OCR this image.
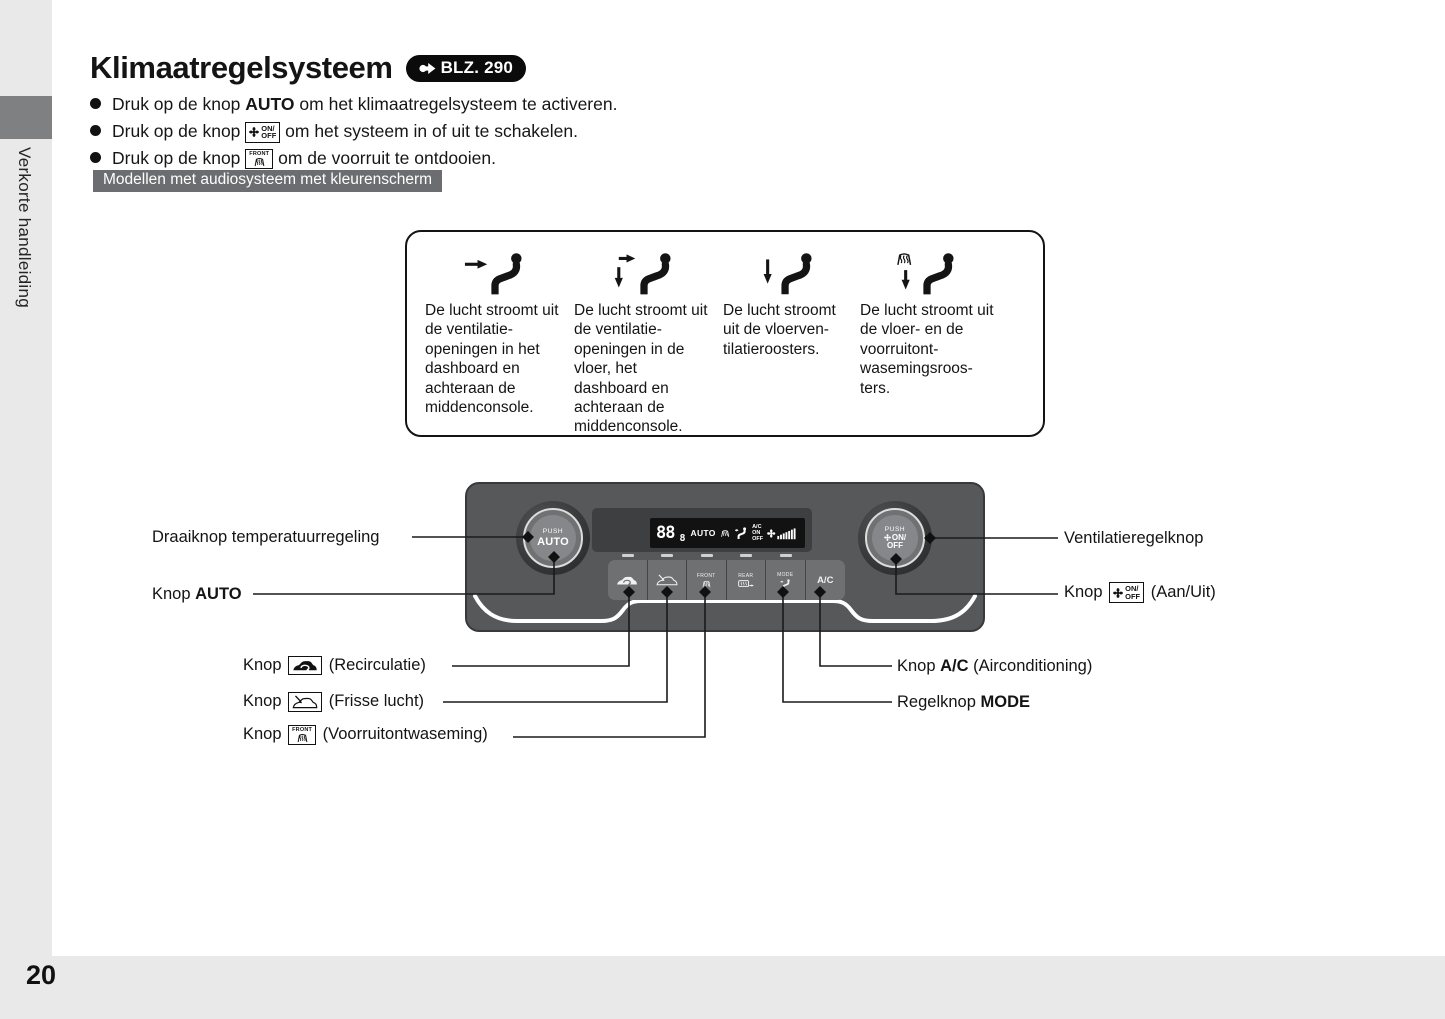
Verkorte handleiding
20
Klimaatregelsysteem	BLZ. 290
Druk op de knop AUTO om het klimaatregelsysteem te activeren.
Druk op de knop ON/
OFF om het systeem in of uit te schakelen.
Druk op de knop FRONT om de voorruit te ontdooien.
Modellen met audiosysteem met kleurenscherm
De lucht stroomt uit de ventilatie-openingen in het dashboard en achteraan de middenconsole.
De lucht stroomt uit de ventilatie-openingen in de vloer, het dashboard en achteraan de middenconsole.
De lucht stroomt uit de vloerven-tilatieroosters.
De lucht stroomt uit de vloer- en de voorruitont-wasemingsroos-ters.
88 8 AUTO
A/C
ON
OFF
PUSH
AUTO
PUSH
ON/
OFF
FRONT	REAR	MODE A/C
Draaiknop temperatuurregeling
Knop AUTO
Ventilatieregelknop
Knop ON/
OFF (Aan/Uit)
Knop
(Recirculatie)
Knop
(Frisse lucht)
Knop FRONT (Voorruitontwaseming)
Knop A/C (Airconditioning)
Regelknop MODE
